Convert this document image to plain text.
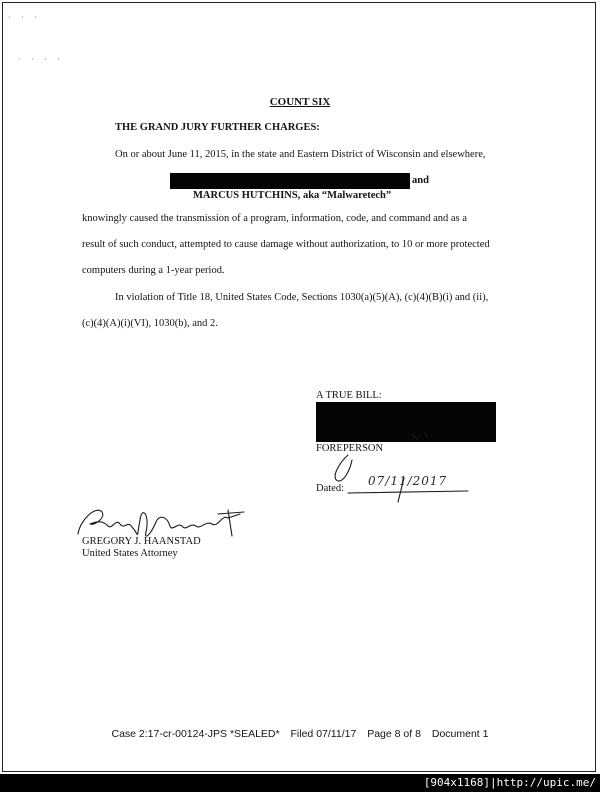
· · ·
· · · ·
COUNT SIX
THE GRAND JURY FURTHER CHARGES:
On or about June 11, 2015, in the state and Eastern District of Wisconsin and elsewhere,
and
MARCUS HUTCHINS, aka “Malwaretech”
knowingly caused the transmission of a program, information, code, and command and as a
result of such conduct, attempted to cause damage without authorization, to 10 or more protected
computers during a 1-year period.
In violation of Title 18, United States Code, Sections 1030(a)(5)(A), (c)(4)(B)(i) and (ii),
(c)(4)(A)(i)(VI), 1030(b), and 2.
A TRUE BILL:
FOREPERSON
Dated:
07/11/2017
GREGORY J. HAANSTAD
United States Attorney
Case 2:17-cr-00124-JPS *SEALED* Filed 07/11/17 Page 8 of 8 Document 1
[904x1168]|http://upic.me/
